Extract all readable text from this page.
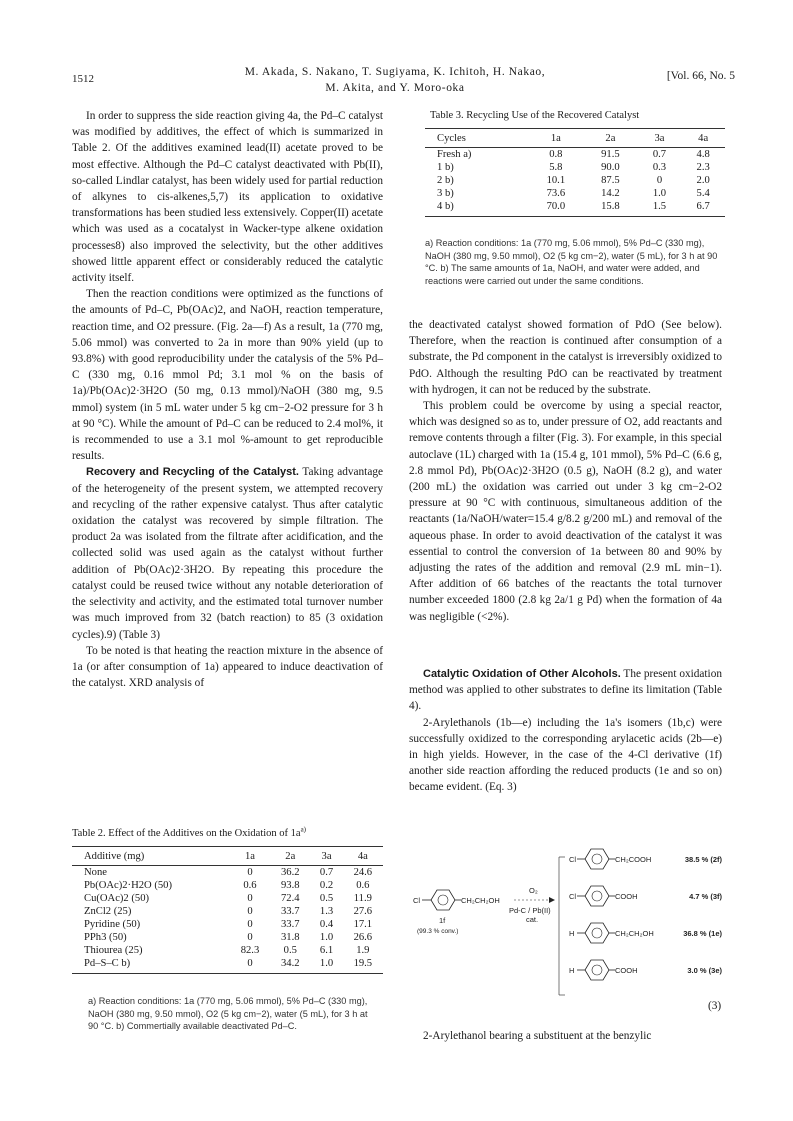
1512
M. Akada, S. Nakano, T. Sugiyama, K. Ichitoh, H. Nakao,
M. Akita, and Y. Moro-oka
[Vol. 66, No. 5

In order to suppress the side reaction giving 4a, the Pd–C catalyst was modified by additives, the effect of which is summarized in Table 2. Of the additives examined lead(II) acetate proved to be most effective. Although the Pd–C catalyst deactivated with Pb(II), so-called Lindlar catalyst, has been widely used for partial reduction of alkynes to cis-alkenes,5,7) its application to oxidative transformations has been studied less extensively. Copper(II) acetate which was used as a cocatalyst in Wacker-type alkene oxidation processes8) also improved the selectivity, but the other additives showed little apparent effect or considerably reduced the catalytic activity itself.

Then the reaction conditions were optimized as the functions of the amounts of Pd–C, Pb(OAc)2, and NaOH, reaction temperature, reaction time, and O2 pressure. (Fig. 2a—f) As a result, 1a (770 mg, 5.06 mmol) was converted to 2a in more than 90% yield (up to 93.8%) with good reproducibility under the catalysis of the 5% Pd–C (330 mg, 0.16 mmol Pd; 3.1 mol % on the basis of 1a)/Pb(OAc)2·3H2O (50 mg, 0.13 mmol)/NaOH (380 mg, 9.5 mmol) system (in 5 mL water under 5 kg cm−2-O2 pressure for 3 h at 90 °C). While the amount of Pd–C can be reduced to 2.4 mol%, it is recommended to use a 3.1 mol %-amount to get reproducible results.

Recovery and Recycling of the Catalyst. Taking advantage of the heterogeneity of the present system, we attempted recovery and recycling of the rather expensive catalyst. Thus after catalytic oxidation the catalyst was recovered by simple filtration. The product 2a was isolated from the filtrate after acidification, and the collected solid was used again as the catalyst without further addition of Pb(OAc)2·3H2O. By repeating this procedure the catalyst could be reused twice without any notable deterioration of the selectivity and activity, and the estimated total turnover number was much improved from 32 (batch reaction) to 85 (3 oxidation cycles).9) (Table 3)

To be noted is that heating the reaction mixture in the absence of 1a (or after consumption of 1a) appeared to induce deactivation of the catalyst. XRD analysis of

Table 2. Effect of the Additives on the Oxidation of $1a^{a)}$
Additive (mg)	1a	2a	3a	4a
None	0	36.2	0.7	24.6
Pb(OAc)2·H2O (50)	0.6	93.8	0.2	0.6
Cu(OAc)2 (50)	0	72.4	0.5	11.9
ZnCl2 (25)	0	33.7	1.3	27.6
Pyridine (50)	0	33.7	0.4	17.1
PPh3 (50)	0	31.8	1.0	26.6
Thiourea (25)	82.3	0.5	6.1	1.9
Pd–S–C b)	0	34.2	1.0	19.5
a) Reaction conditions: 1a (770 mg, 5.06 mmol), 5% Pd–C (330 mg), NaOH (380 mg, 9.50 mmol), O2 (5 kg cm−2), water (5 mL), for 3 h at 90 °C. b) Commertially available deactivated Pd–C.
Table 3. Recycling Use of the Recovered Catalyst
Cycles	1a	2a	3a	4a
Fresh a)	0.8	91.5	0.7	4.8
1 b)	5.8	90.0	0.3	2.3
2 b)	10.1	87.5	0	2.0
3 b)	73.6	14.2	1.0	5.4
4 b)	70.0	15.8	1.5	6.7
a) Reaction conditions: 1a (770 mg, 5.06 mmol), 5% Pd–C (330 mg), NaOH (380 mg, 9.50 mmol), O2 (5 kg cm−2), water (5 mL), for 3 h at 90 °C. b) The same amounts of 1a, NaOH, and water were added, and reactions were carried out under the same conditions.

the deactivated catalyst showed formation of PdO (See below). Therefore, when the reaction is continued after consumption of a substrate, the Pd component in the catalyst is irreversibly oxidized to PdO. Although the resulting PdO can be reactivated by treatment with hydrogen, it can not be reduced by the substrate.

This problem could be overcome by using a special reactor, which was designed so as to, under pressure of O2, add reactants and remove contents through a filter (Fig. 3). For example, in this special autoclave (1L) charged with 1a (15.4 g, 101 mmol), 5% Pd–C (6.6 g, 2.8 mmol Pd), Pb(OAc)2·3H2O (0.5 g), NaOH (8.2 g), and water (200 mL) the oxidation was carried out under 3 kg cm−2-O2 pressure at 90 °C with continuous, simultaneous addition of the reactants (1a/NaOH/water=15.4 g/8.2 g/200 mL) and removal of the aqueous phase. In order to avoid deactivation of the catalyst it was essential to control the conversion of 1a between 80 and 90% by adjusting the rates of the addition and removal (2.9 mL min−1). After addition of 66 batches of the reactants the total turnover number exceeded 1800 (2.8 kg 2a/1 g Pd) when the formation of 4a was negligible (<2%).

Catalytic Oxidation of Other Alcohols. The present oxidation method was applied to other substrates to define its limitation (Table 4).

2-Arylethanols (1b—e) including the 1a's isomers (1b,c) were successfully oxidized to the corresponding arylacetic acids (2b—e) in high yields. However, in the case of the 4-Cl derivative (1f) another side reaction affording the reduced products (1e and so on) became evident. (Eq. 3)

Cl	CH₂CH₂OH
1f
(99.3 % conv.)
O₂
Pd-C / Pb(II)
cat.
Cl	CH₂COOH	38.5 % (2f)
Cl	COOH	4.7 % (3f)
H	CH₂CH₂OH	36.8 % (1e)
H	COOH	3.0 % (3e)
(3)

2-Arylethanol bearing a substituent at the benzylic
